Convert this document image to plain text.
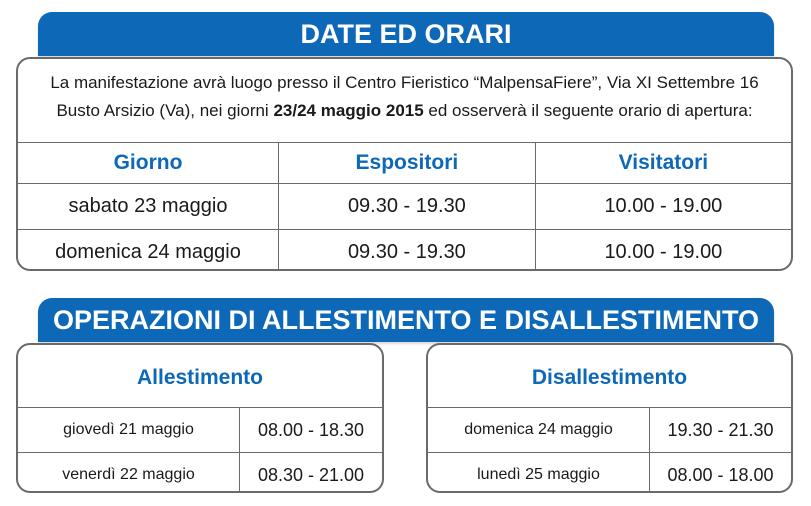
DATE ED ORARI
La manifestazione avrà luogo presso il Centro Fieristico “MalpensaFiere”, Via XI Settembre 16
Busto Arsizio (Va), nei giorni 23/24 maggio 2015 ed osserverà il seguente orario di apertura:
Giorno	Espositori	Visitatori
sabato 23 maggio	09.30 - 19.30	10.00 - 19.00
domenica 24 maggio	09.30 - 19.30	10.00 - 19.00
OPERAZIONI DI ALLESTIMENTO E DISALLESTIMENTO
Allestimento
giovedì 21 maggio	08.00 - 18.30
venerdì 22 maggio	08.30 - 21.00
Disallestimento
domenica 24 maggio	19.30 - 21.30
lunedì 25 maggio	08.00 - 18.00
